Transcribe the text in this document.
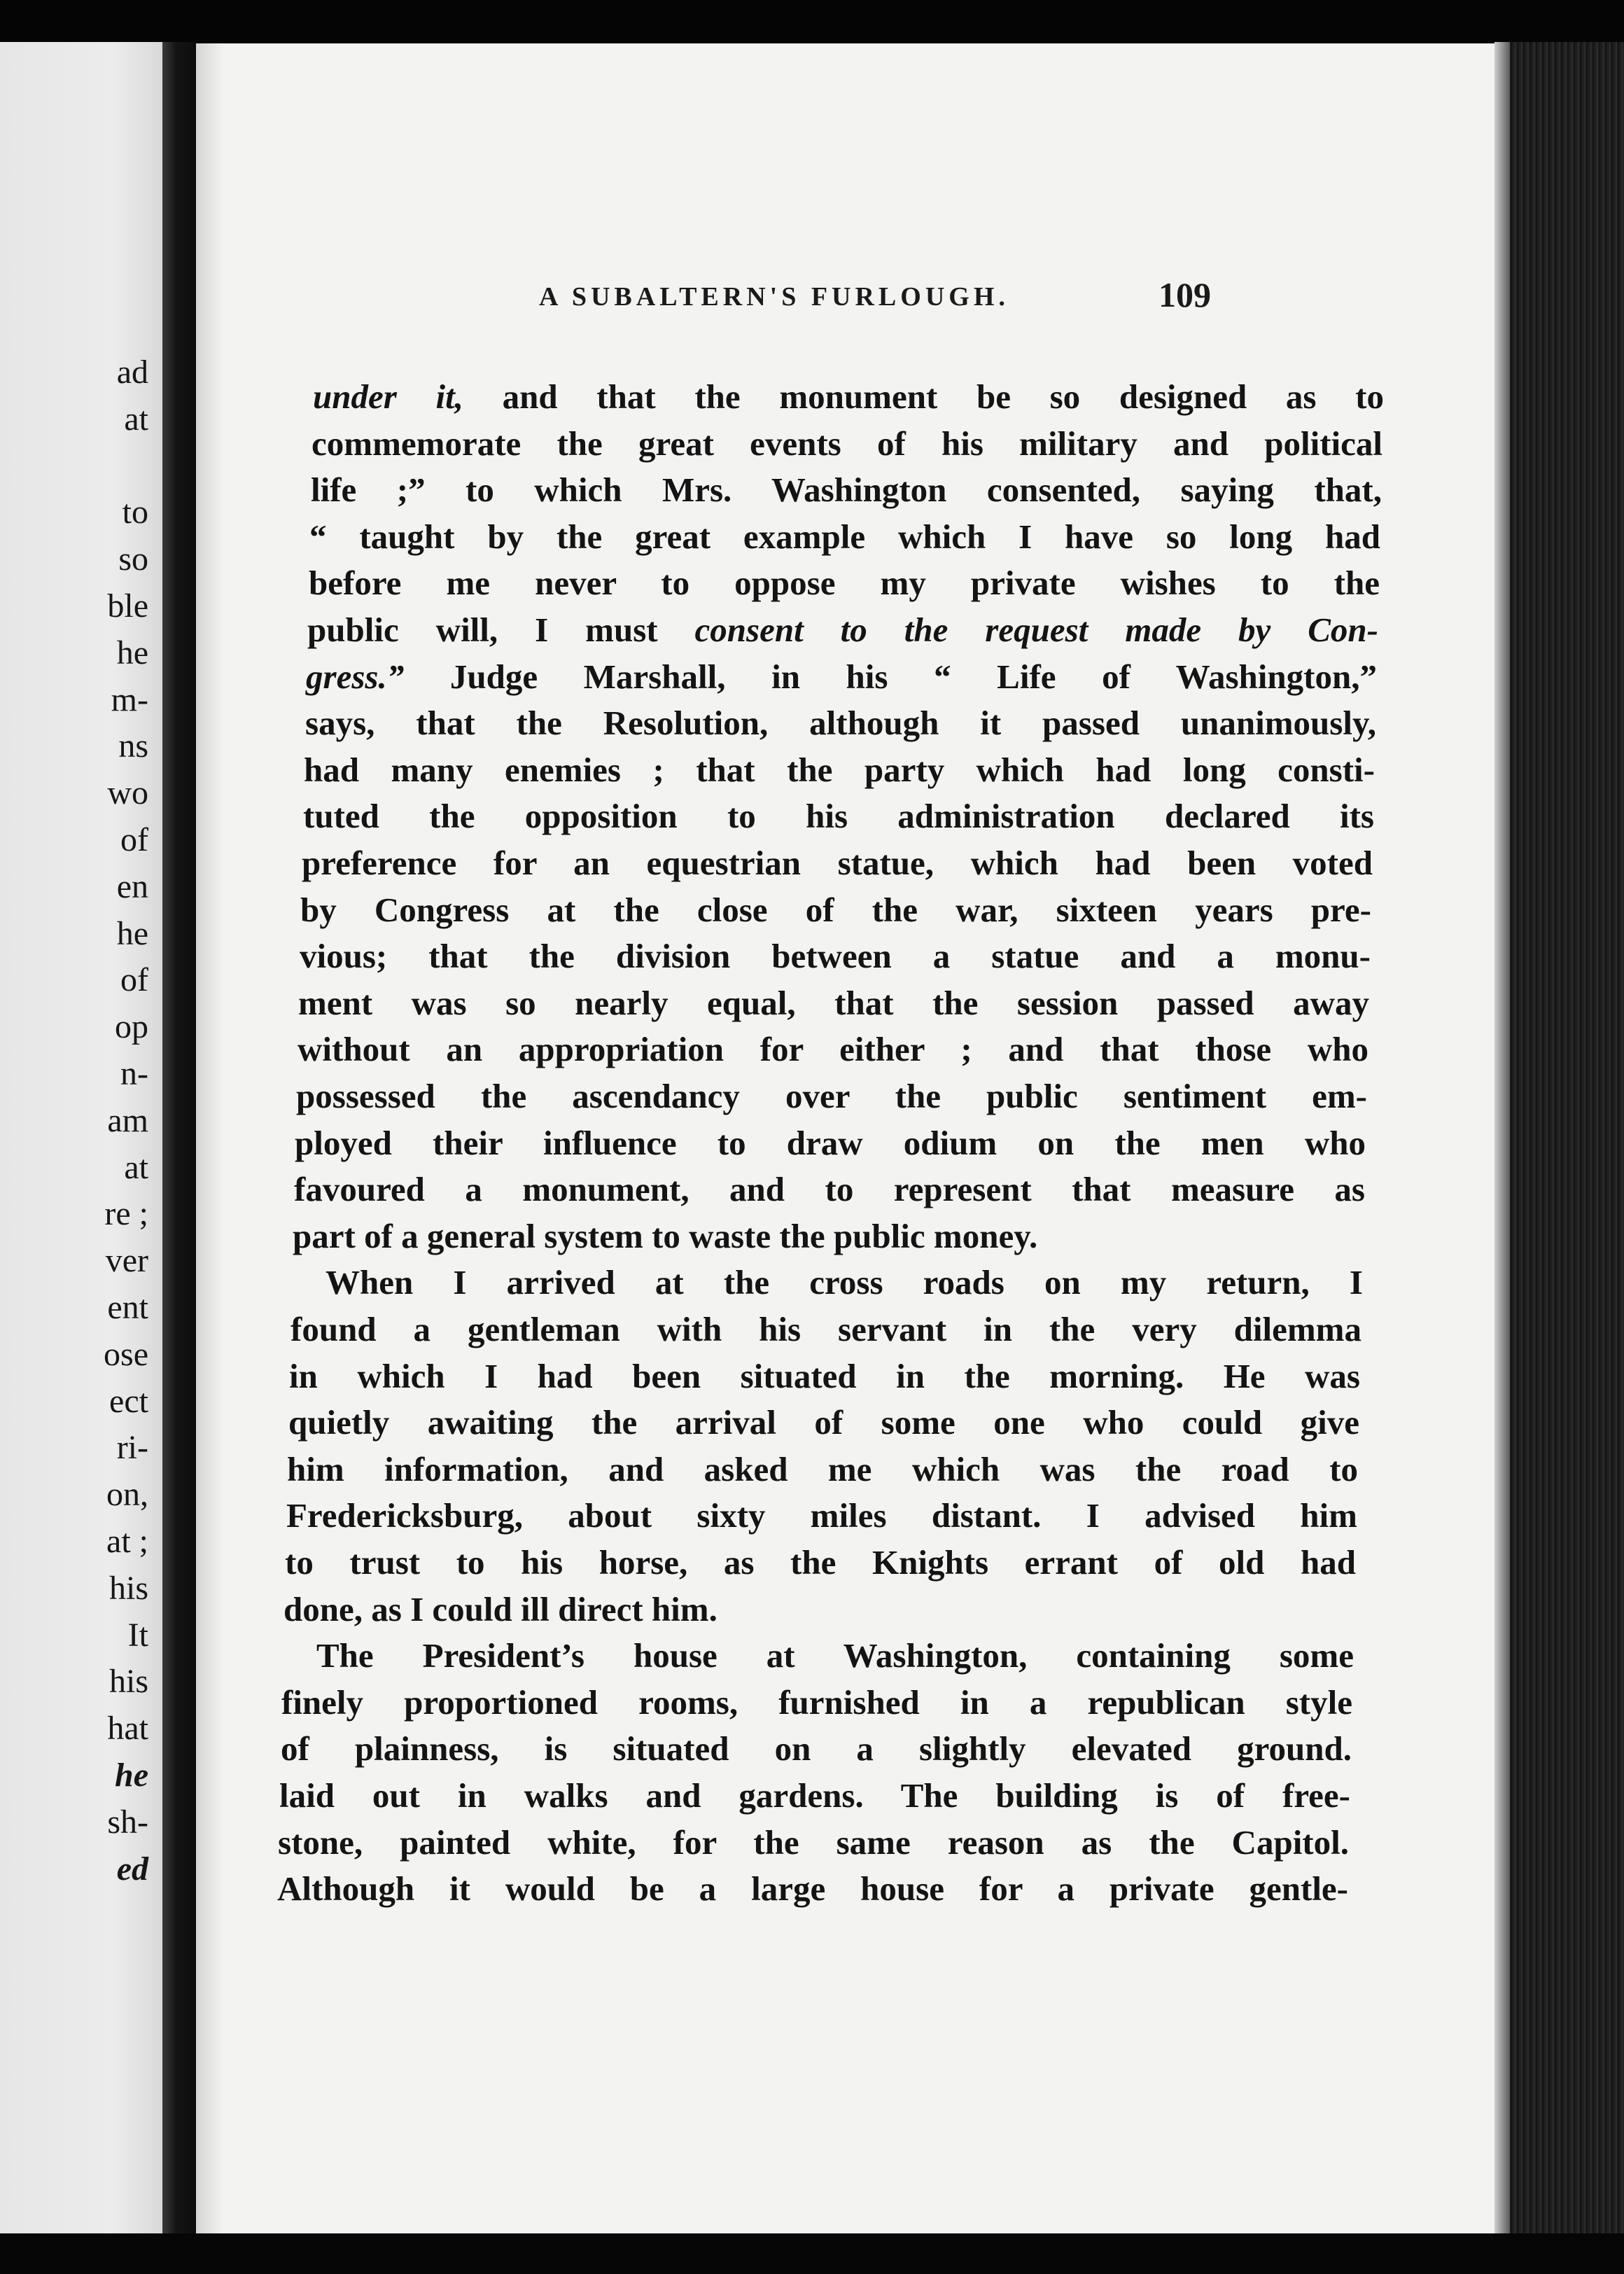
ad
at
to
so
ble
he
m-
ns
wo
of
en
he
of
op
n-
am
at
re ;
ver
ent
ose
ect
ri-
on,
at ;
his
It
his
hat
he
sh-
ed
A SUBALTERN'S FURLOUGH.	109
under it, and that the monument be so designed as to
commemorate the great events of his military and political
life ;” to which Mrs. Washington consented, saying that,
“ taught by the great example which I have so long had
before me never to oppose my private wishes to the
public will, I must consent to the request made by Con-
gress.” Judge Marshall, in his “ Life of Washington,”
says, that the Resolution, although it passed unanimously,
had many enemies ; that the party which had long consti-
tuted the opposition to his administration declared its
preference for an equestrian statue, which had been voted
by Congress at the close of the war, sixteen years pre-
vious; that the division between a statue and a monu-
ment was so nearly equal, that the session passed away
without an appropriation for either ; and that those who
possessed the ascendancy over the public sentiment em-
ployed their influence to draw odium on the men who
favoured a monument, and to represent that measure as
part of a general system to waste the public money.
When I arrived at the cross roads on my return, I
found a gentleman with his servant in the very dilemma
in which I had been situated in the morning. He was
quietly awaiting the arrival of some one who could give
him information, and asked me which was the road to
Fredericksburg, about sixty miles distant. I advised him
to trust to his horse, as the Knights errant of old had
done, as I could ill direct him.
The President’s house at Washington, containing some
finely proportioned rooms, furnished in a republican style
of plainness, is situated on a slightly elevated ground.
laid out in walks and gardens. The building is of free-
stone, painted white, for the same reason as the Capitol.
Although it would be a large house for a private gentle-
